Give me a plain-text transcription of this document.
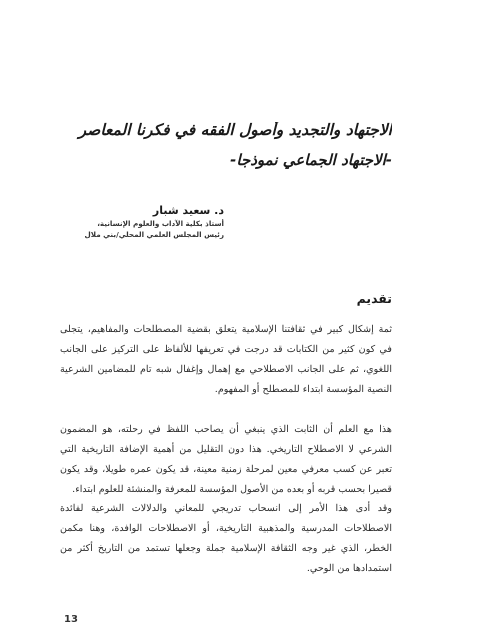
الاجتهاد والتجديد وأصول الفقه في فكرنا المعاصر
-الاجتهاد الجماعي نموذجا-
د. سعيد شبار
أستاذ بكلية الآداب والعلوم الإنسانية،
رئيس المجلس العلمي المحلي/بني ملال
تقديم
ثمة إشكال كبير في ثقافتنا الإسلامية يتعلق بقضية المصطلحات والمفاهيم، يتجلى
في كون كثير من الكتابات قد درجت في تعريفها للألفاظ على التركيز على الجانب
اللغوي، ثم على الجانب الاصطلاحي مع إهمال وإغفال شبه تام للمضامين الشرعية
النصية المؤسسة ابتداء للمصطلح أو المفهوم.
هذا مع العلم أن الثابت الذي ينبغي أن يصاحب اللفظ في رحلته، هو المضمون
الشرعي لا الاصطلاح التاريخي. هذا دون التقليل من أهمية الإضافة التاريخية التي
تعبر عن كسب معرفي معين لمرحلة زمنية معينة، قد يكون عمره طويلا، وقد يكون
قصيرا بحسب قربه أو بعده من الأصول المؤسسة للمعرفة والمنشئة للعلوم ابتداء.
وقد أدى هذا الأمر إلى انسحاب تدريجي للمعاني والدلالات الشرعية لفائدة
الاصطلاحات المدرسية والمذهبية التاريخية، أو الاصطلاحات الوافدة، وهنا مكمن
الخطر، الذي غير وجه الثقافة الإسلامية جملة وجعلها تستمد من التاريخ أكثر من
استمدادها من الوحي.
13
